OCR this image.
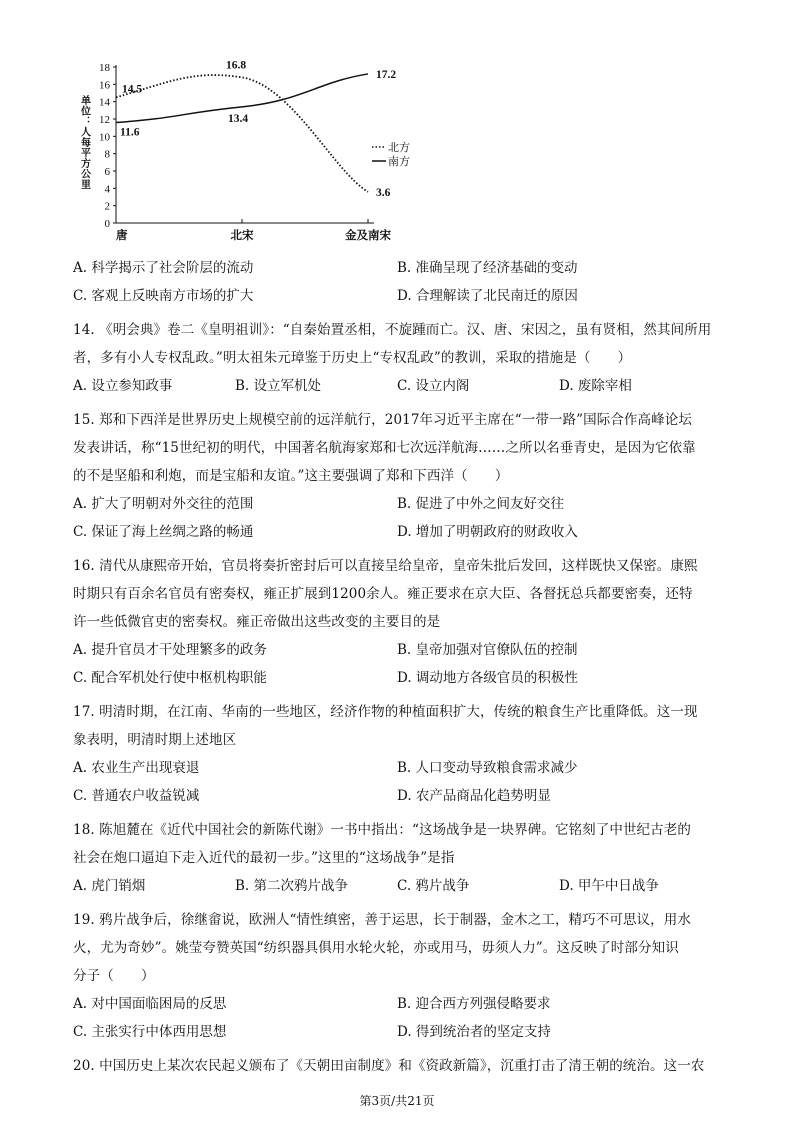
0
2
4
6
8
10
12
14
16
18
单位：人每平方公里
唐	北宋	金及南宋
14.5
16.8
3.6
11.6
13.4
17.2
北方
南方
A. 科学揭示了社会阶层的流动	B. 准确呈现了经济基础的变动
C. 客观上反映南方市场的扩大	D. 合理解读了北民南迁的原因
14. 《明会典》卷二《皇明祖训》：“自秦始置丞相，不旋踵而亡。汉、唐、宋因之，虽有贤相，然其间所用
者，多有小人专权乱政。”明太祖朱元璋鉴于历史上“专权乱政”的教训，采取的措施是（　　）
A. 设立参知政事	B. 设立军机处	C. 设立内阁	D. 废除宰相
15. 郑和下西洋是世界历史上规模空前的远洋航行，2017年习近平主席在“一带一路”国际合作高峰论坛
发表讲话，称“15世纪初的明代，中国著名航海家郑和七次远洋航海……之所以名垂青史，是因为它依靠
的不是坚船和利炮，而是宝船和友谊。”这主要强调了郑和下西洋（　　）
A. 扩大了明朝对外交往的范围	B. 促进了中外之间友好交往
C. 保证了海上丝绸之路的畅通	D. 增加了明朝政府的财政收入
16. 清代从康熙帝开始，官员将奏折密封后可以直接呈给皇帝，皇帝朱批后发回，这样既快又保密。康熙
时期只有百余名官员有密奏权，雍正扩展到1200余人。雍正要求在京大臣、各督抚总兵都要密奏，还特
许一些低微官吏的密奏权。雍正帝做出这些改变的主要目的是
A. 提升官员才干处理繁多的政务	B. 皇帝加强对官僚队伍的控制
C. 配合军机处行使中枢机构职能	D. 调动地方各级官员的积极性
17. 明清时期，在江南、华南的一些地区，经济作物的种植面积扩大，传统的粮食生产比重降低。这一现
象表明，明清时期上述地区
A. 农业生产出现衰退	B. 人口变动导致粮食需求减少
C. 普通农户收益锐减	D. 农产品商品化趋势明显
18. 陈旭麓在《近代中国社会的新陈代谢》一书中指出：“这场战争是一块界碑。它铭刻了中世纪古老的
社会在炮口逼迫下走入近代的最初一步。”这里的“这场战争”是指
A. 虎门销烟	B. 第二次鸦片战争	C. 鸦片战争	D. 甲午中日战争
19. 鸦片战争后，徐继畲说，欧洲人“情性缜密，善于运思，长于制器，金木之工，精巧不可思议，用水
火，尤为奇妙”。姚莹夸赞英国“纺织器具俱用水轮火轮，亦或用马，毋须人力”。这反映了时部分知识
分子（　　）
A. 对中国面临困局的反思	B. 迎合西方列强侵略要求
C. 主张实行中体西用思想	D. 得到统治者的坚定支持
20. 中国历史上某次农民起义颁布了《天朝田亩制度》和《资政新篇》，沉重打击了清王朝的统治。这一农
第3页/共21页
